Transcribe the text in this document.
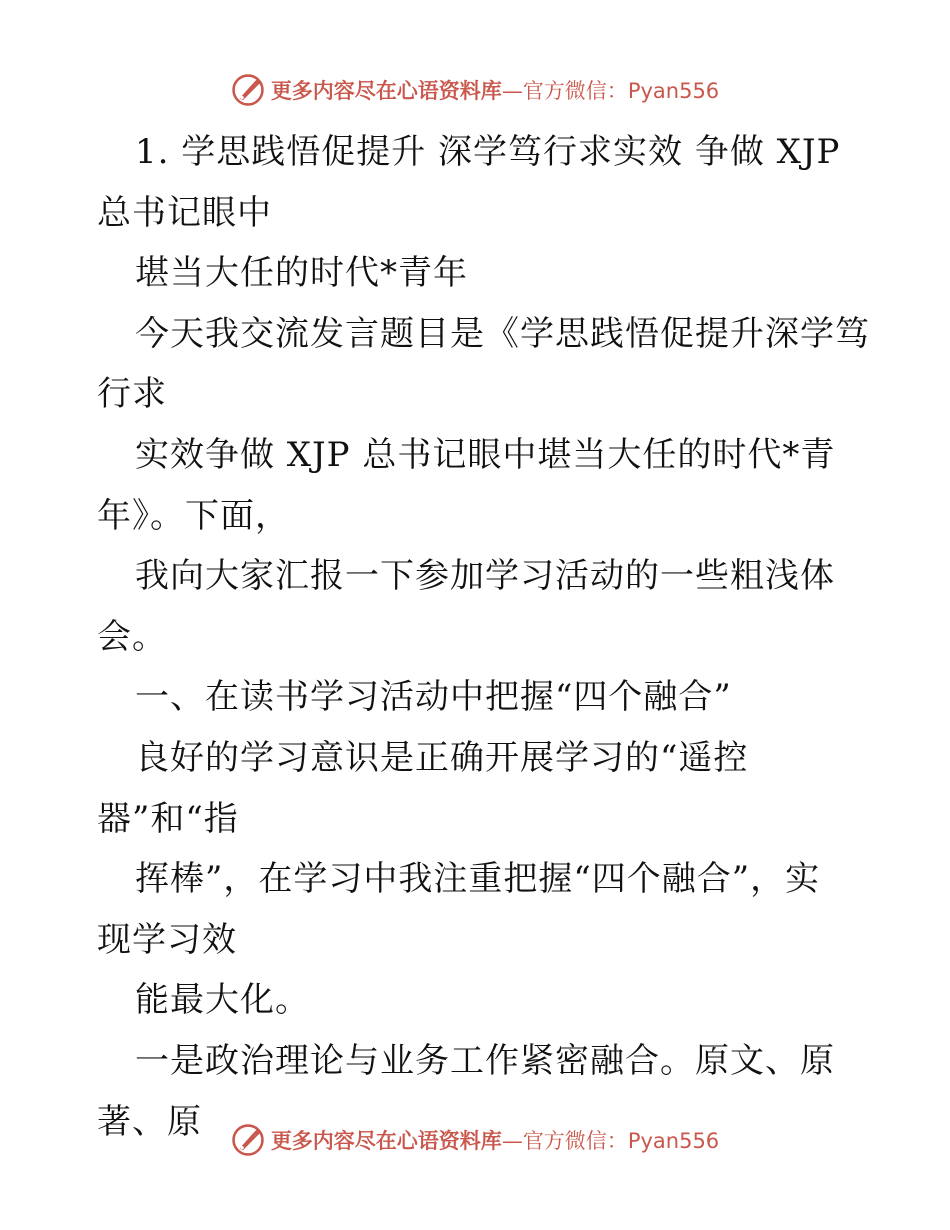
更多内容尽在心语资料库—官方微信：Pyan556
1. 学思践悟促提升 深学笃行求实效 争做 XJP
总书记眼中
堪当大任的时代*青年
今天我交流发言题目是《学思践悟促提升深学笃
行求
实效争做 XJP 总书记眼中堪当大任的时代*青
年》。下面，
我向大家汇报一下参加学习活动的一些粗浅体
会。
一、在读书学习活动中把握“四个融合”
良好的学习意识是正确开展学习的“遥控
器”和“指
挥棒”，在学习中我注重把握“四个融合”，实
现学习效
能最大化。
一是政治理论与业务工作紧密融合。原文、原
著、原	更多内容尽在心语资料库—官方微信：Pyan556
